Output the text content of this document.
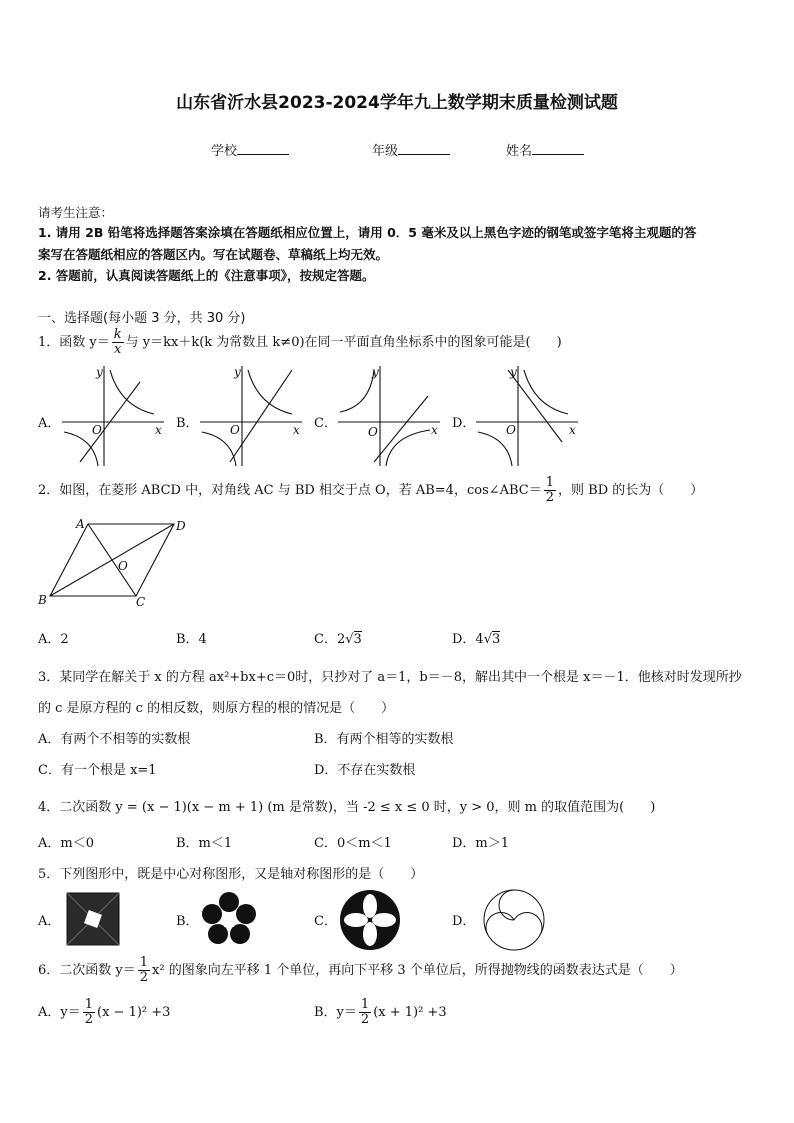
山东省沂水县2023-2024学年九上数学期末质量检测试题
学校	年级	姓名
请考生注意：
1. 请用 2B 铅笔将选择题答案涂填在答题纸相应位置上，请用 0．5 毫米及以上黑色字迹的钢笔或签字笔将主观题的答
案写在答题纸相应的答题区内。写在试题卷、草稿纸上均无效。
2. 答题前，认真阅读答题纸上的《注意事项》，按规定答题。
一、选择题(每小题 3 分，共 30 分)
1．函数 $y= \frac{k}{x}$ 与 y＝kx＋k(k 为常数且 k≠0)在同一平面直角坐标系中的图象可能是(　　)
A．
y
x
O	B．
y
x
O	C．
y
x
O
D．
y
x
O
2．如图，在菱形 ABCD 中，对角线 AC 与 BD 相交于点 O，若 AB=4，cos∠ABC＝ $\frac{1}{2}$ ，则 BD 的长为（　　）
A	D
B	C
O
A．2	B．4	C．2√3	D．4√3
3．某同学在解关于 x 的方程 ax²+bx+c＝0时，只抄对了 a＝1，b＝－8，解出其中一个根是 x＝－1．他核对时发现所抄
的 c 是原方程的 c 的相反数，则原方程的根的情况是（　　）
A．有两个不相等的实数根	B．有两个相等的实数根
C．有一个根是 x=1	D．不存在实数根
4．二次函数 y = (x − 1)(x − m + 1) (m 是常数)，当 -2 ≤ x ≤ 0 时，y > 0，则 m 的取值范围为(　　)
A．m＜0	B．m＜1	C．0＜m＜1	D．m＞1
5．下列图形中，既是中心对称图形，又是轴对称图形的是（　　）
A．	B．	C．	D．
6．二次函数 $y= \frac{1}{2} x^2$ 的图象向左平移 1 个单位，再向下平移 3 个单位后，所得抛物线的函数表达式是（　　）
A．$y= \frac{1}{2} (x - 1)^2 +3$	B．$y= \frac{1}{2} (x + 1)^2 +3$
